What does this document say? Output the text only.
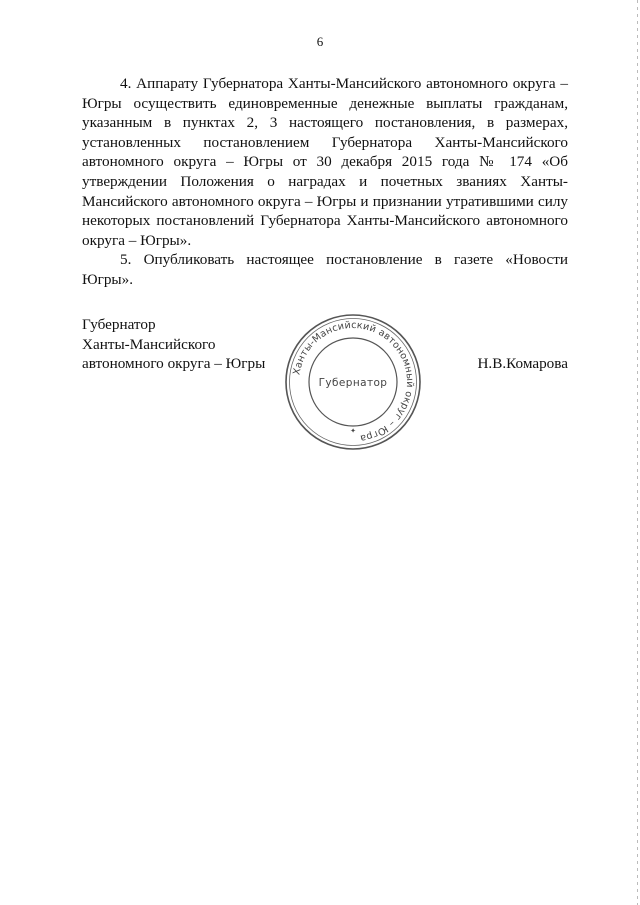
6

4. Аппарату Губернатора Ханты-Мансийского автономного округа – Югры осуществить единовременные денежные выплаты гражданам, указанным в пунктах 2, 3 настоящего постановления, в размерах, установленных постановлением Губернатора Ханты-Мансийского автономного округа – Югры от 30 декабря 2015 года № 174 «Об утверждении Положения о наградах и почетных званиях Ханты-Мансийского автономного округа – Югры и признании утратившими силу некоторых постановлений Губернатора Ханты-Мансийского автономного округа – Югры».

5. Опубликовать настоящее постановление в газете «Новости Югры».

Губернатор
Ханты-Мансийского
автономного округа – Югры	Н.В.Комарова
Ханты-Мансийский автономный округ – Югра
Губернатор
✦
